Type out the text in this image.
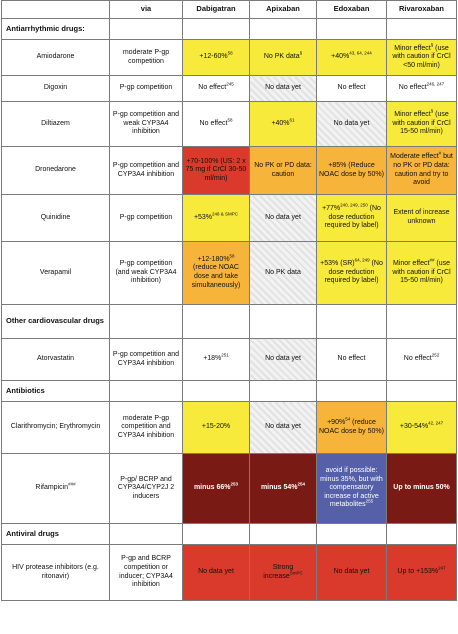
	via	Dabigatran	Apixaban	Edoxaban	Rivaroxaban
Antiarrhythmic drugs:					
Amiodarone	moderate P-gp competition	+12-60%$^{58}$	No PK data§	+40%$^{43, 64, 244}$	Minor effect§ (use with caution if CrCl <50 ml/min)
Digoxin	P-gp competition	No effect$^{245}$	No data yet	No effect	No effect$^{246, 247}$
Diltiazem	P-gp competition and weak CYP3A4 inhibition	No effect$^{58}$	+40%$^{61}$	No data yet	Minor effect§ (use with caution if CrCl 15-50 ml/min)
Dronedarone	P-gp competition and CYP3A4 inhibition	+70-100% (US: 2 x 75 mg if CrCl 30-50 ml/min)	No PK or PD data: caution	+85% (Reduce NOAC dose by 50%)	Moderate effect# but no PK or PD data: caution and try to avoid
Quinidine	P-gp competition	+53%$^{248 \& SMPC}$	No data yet	+77%$^{240, 249, 250}$ (No dose reduction required by label)	Extent of increase unknown
Verapamil	P-gp competition (and weak CYP3A4 inhibition)	+12-180%$^{58}$ (reduce NOAC dose and take simultaneously)	No PK data	+53% (SR)$^{64, 249}$ (No dose reduction required by label)	Minor effect## (use with caution if CrCl 15-50 ml/min)
Other cardiovascular drugs					
Atorvastatin	P-gp competition and CYP3A4 inhibition	+18%$^{251}$	No data yet	No effect	No effect$^{252}$
Antibiotics					
Clarithromycin; Erythromycin	moderate P-gp competition and CYP3A4 inhibition	+15-20%	No data yet	+90%$^{54}$ (reduce NOAC dose by 50%)	+30-54%$^{42, 247}$
Rifampicin###	P-gp/ BCRP and CYP3A4/CYP2J 2 inducers	minus 66%$^{253}$	minus 54%$^{254}$	avoid if possible: minus 35%, but with compensatory increase of active metabolites$^{255}$	Up to minus 50%
Antiviral drugs					
HIV protease inhibitors (e.g. ritonavir)	P-gp and BCRP competition or inducer; CYP3A4 inhibition	No data yet	Strong increase$^{SmPC}$	No data yet	Up to +153%$^{247}$
